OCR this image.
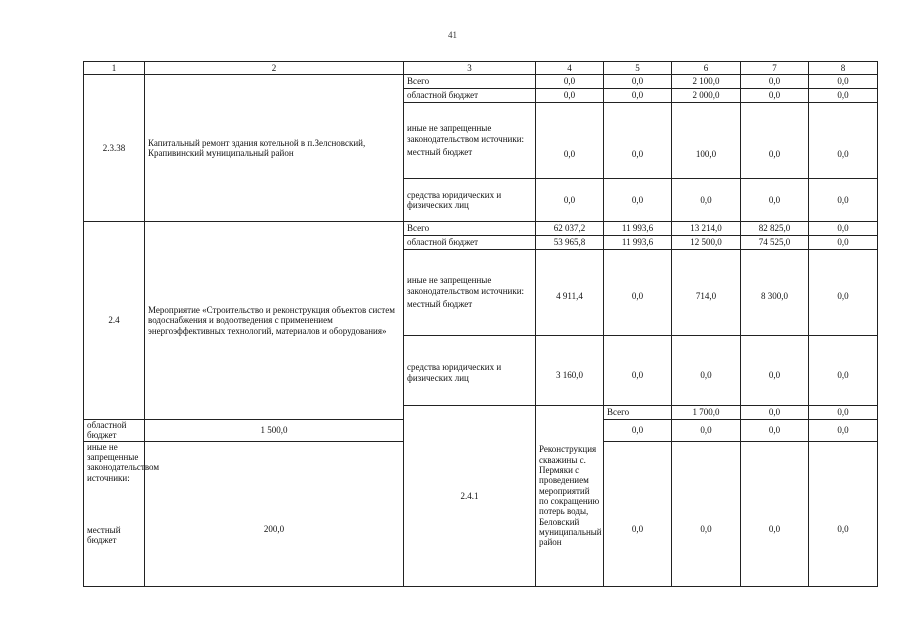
41
1	2	3	4	5	6	7	8	
2.3.38	Капитальный ремонт здания котельной в п.Зелсновский, Крапивинский муниципальный район	Всего	0,0	0,0	2 100,0	0,0	0,0	
		областной бюджет	0,0	0,0	2 000,0	0,0	0,0	

		иные не запрещенные законодательством источники:
местный бюджет	0,0	0,0	100,0	0,0	0,0	
		средства юридических и физических лиц	0,0	0,0	0,0	0,0	0,0	

2.4	Мероприятие «Строительство и реконструкция объектов систем водоснабжения и водоотведения с применением энергоэффективных технологий, материалов и оборудования»	Всего	62 037,2	11 993,6	13 214,0	82 825,0	0,0	
		областной бюджет	53 965,8	11 993,6	12 500,0	74 525,0	0,0	

		иные не запрещенные законодательством источники:
местный бюджет	4 911,4	0,0	714,0	8 300,0	0,0	
		средства юридических и физических лиц	3 160,0	0,0	0,0	0,0	0,0	
		2.4.1	Реконструкция скважины с. Пермяки с проведением мероприятий по сокращению потерь воды, Беловский муниципальный район	Всего	1 700,0	0,0	0,0		
областной бюджет	1 500,0			0,0	0,0	0,0	0,0	

иные не запрещенные законодательством источники:
местный бюджет	200,0			0,0	0,0	0,0	0,0	
